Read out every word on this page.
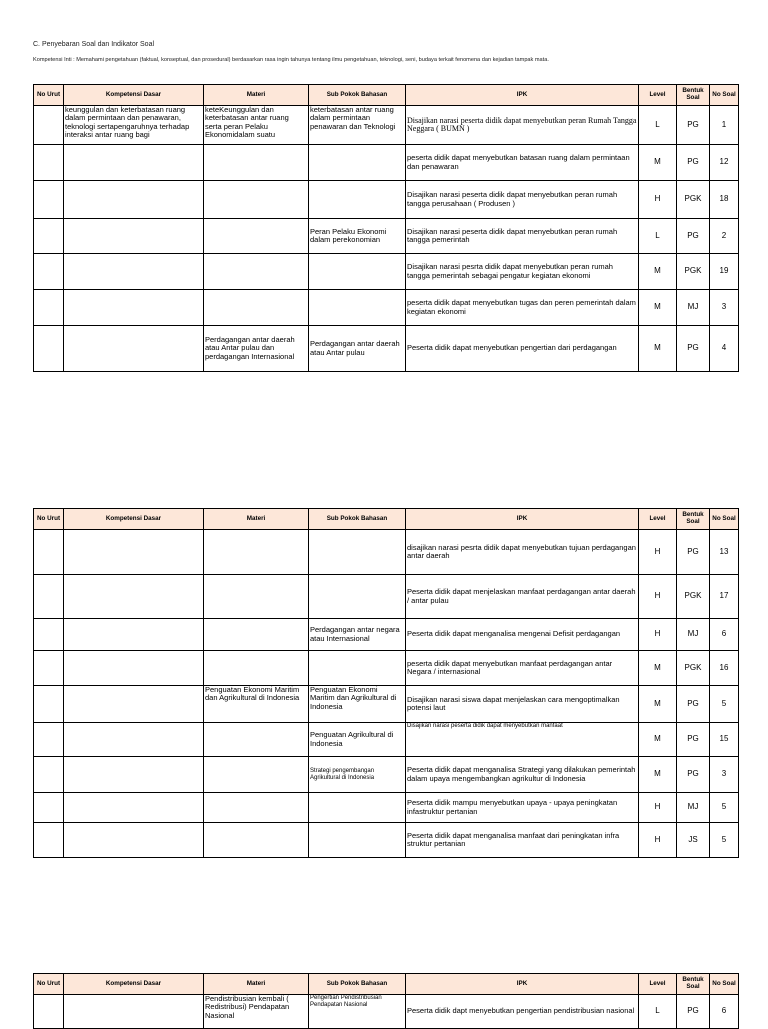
C. Penyebaran Soal dan Indikator Soal
Kompetensi Inti : Memahami pengetahuan (faktual, konseptual, dan prosedural) berdasarkan rasa ingin tahunya tentang ilmu pengetahuan, teknologi, seni, budaya terkait fenomena dan kejadian tampak mata.
No Urut	Kompetensi Dasar	Materi	Sub Pokok Bahasan	IPK	Level	Bentuk Soal	No Soal

	keunggulan dan keterbatasan ruang dalam permintaan dan penawaran, teknologi sertapengaruhnya terhadap interaksi antar ruang bagi	keteKeunggulan dan keterbatasan antar ruang serta peran Pelaku Ekonomidalam suatu	keterbatasan antar ruang dalam permintaan penawaran dan Teknologi	Disajikan narasi peserta didik dapat menyebutkan peran Rumah Tangga Neggara ( BUMN )	L	PG	1
				peserta didik dapat menyebutkan batasan ruang dalam permintaan dan penawaran	M	PG	12
				Disajikan narasi peserta didik dapat menyebutkan peran rumah tangga perusahaan ( Produsen )	H	PGK	18
			Peran Pelaku Ekonomi dalam perekonomian	Disajikan narasi peserta didik dapat menyebutkan peran rumah tangga pemerintah	L	PG	2
				Disajikan narasi pesrta didik dapat menyebutkan peran rumah tangga pemerintah sebagai pengatur kegiatan ekonomi	M	PGK	19
				peserta didik dapat menyebutkan tugas dan peren pemerintah dalam kegiatan ekonomi	M	MJ	3
		Perdagangan antar daerah atau Antar pulau dan perdagangan Internasional	Perdagangan antar daerah atau Antar pulau	Peserta didik dapat menyebutkan pengertian dari perdagangan	M	PG	4
No Urut	Kompetensi Dasar	Materi	Sub Pokok Bahasan	IPK	Level	Bentuk Soal	No Soal
				disajikan narasi pesrta didik dapat menyebutkan tujuan perdagangan antar daerah	H	PG	13
				Peserta didik dapat menjelaskan manfaat perdagangan antar daerah / antar pulau	H	PGK	17
			Perdagangan antar negara atau Internasional	Peserta didik dapat menganalisa mengenai Defisit perdagangan	H	MJ	6
				peserta didik dapat menyebutkan manfaat perdagangan antar Negara / internasional	M	PGK	16
		Penguatan Ekonomi Maritim dan Agrikultural di Indonesia	Penguatan Ekonomi Maritim dan Agrikultural di Indonesia	Disajikan narasi siswa dapat menjelaskan cara mengoptimalkan potensi laut	M	PG	5
			Penguatan Agrikultural di Indonesia	Disajikan narasi peserta didik dapat menyebutkan manfaat	M	PG	15
			Strategi pengembangan Agrikultural di Indonesia	Peserta didik dapat menganalisa Strategi yang dilakukan pemerintah dalam upaya mengembangkan agrikultur di Indonesia	M	PG	3
				Peserta didik mampu menyebutkan upaya - upaya peningkatan infastruktur pertanian	H	MJ	5
				Peserta didik dapat menganalisa manfaat dari peningkatan infra struktur pertanian	H	JS	5
No Urut	Kompetensi Dasar	Materi	Sub Pokok Bahasan	IPK	Level	Bentuk Soal	No Soal
		Pendistribusian kembali ( Redistribusi) Pendapatan Nasional	Pengertian Pendistribusian Pendapatan Nasional	Peserta didik dapt menyebutkan pengertian pendistribusian nasional	L	PG	6
